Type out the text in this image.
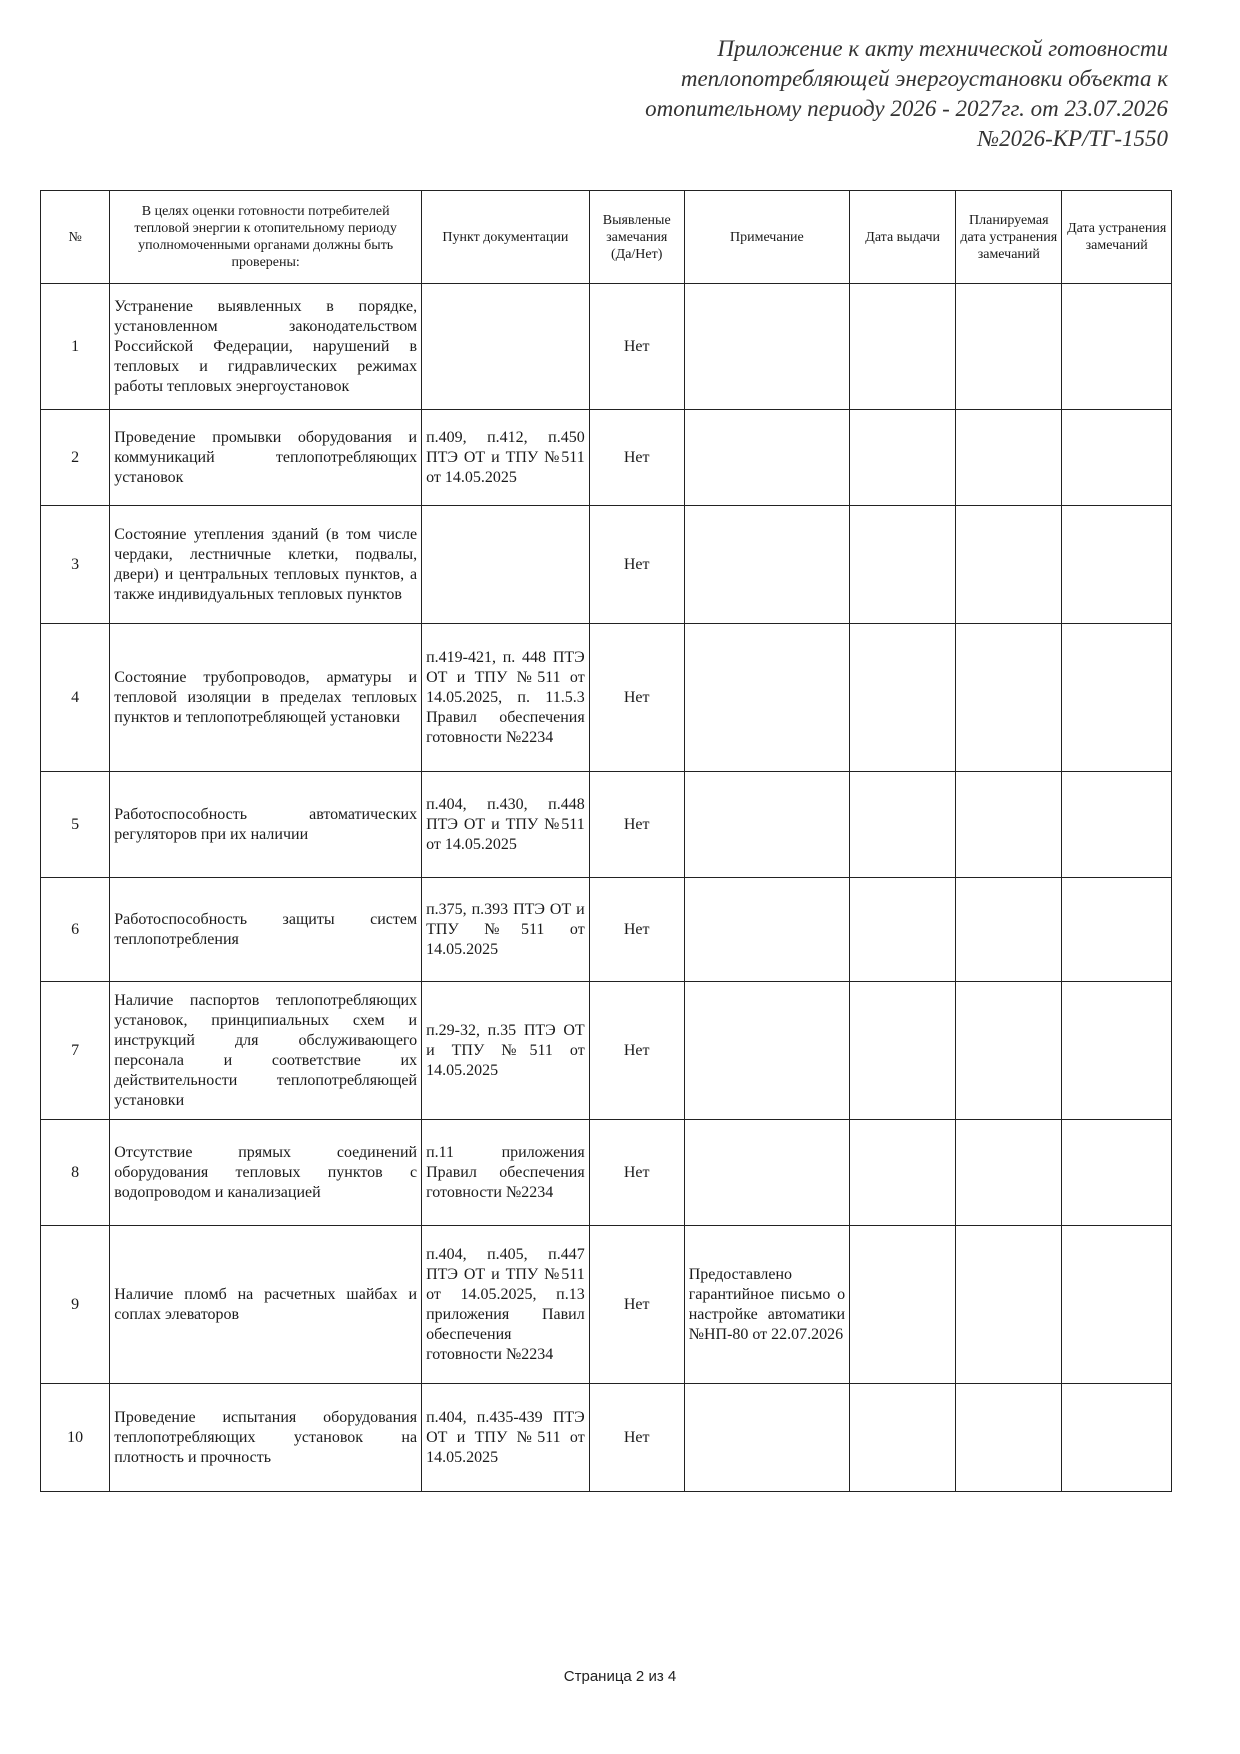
Приложение к акту технической готовности
теплопотребляющей энергоустановки объекта к
отопительному периоду 2026 - 2027гг. от 23.07.2026
№2026-КР/ТГ-1550
№	В целях оценки готовности потребителей тепловой энергии к отопительному периоду уполномоченными органами должны быть проверены:	Пункт документации	Выявленые замечания (Да/Нет)	Примечание	Дата выдачи	Планируемая дата устранения замечаний	Дата устранения замечаний
1	Устранение выявленных в порядке, установленном законодательством Российской Федерации, нарушений в тепловых и гидравлических режимах работы тепловых энергоустановок		Нет				
2	Проведение промывки оборудования и коммуникаций теплопотребляющих установок	п.409, п.412, п.450 ПТЭ ОТ и ТПУ №511 от 14.05.2025	Нет				
3	Состояние утепления зданий (в том числе чердаки, лестничные клетки, подвалы, двери) и центральных тепловых пунктов, а также индивидуальных тепловых пунктов		Нет				
4	Состояние трубопроводов, арматуры и тепловой изоляции в пределах тепловых пунктов и теплопотребляющей установки	п.419-421, п. 448 ПТЭ ОТ и ТПУ №511 от 14.05.2025, п. 11.5.3 Правил обеспечения готовности №2234	Нет				
5	Работоспособность автоматических регуляторов при их наличии	п.404, п.430, п.448 ПТЭ ОТ и ТПУ №511 от 14.05.2025	Нет				
6	Работоспособность защиты систем теплопотребления	п.375, п.393 ПТЭ ОТ и ТПУ №511 от 14.05.2025	Нет				
7	Наличие паспортов теплопотребляющих установок, принципиальных схем и инструкций для обслуживающего персонала и соответствие их действительности теплопотребляющей установки	п.29-32, п.35 ПТЭ ОТ и ТПУ №511 от 14.05.2025	Нет				
8	Отсутствие прямых соединений оборудования тепловых пунктов с водопроводом и канализацией	п.11 приложения Правил обеспечения готовности №2234	Нет				
9	Наличие пломб на расчетных шайбах и соплах элеваторов	п.404, п.405, п.447 ПТЭ ОТ и ТПУ №511 от 14.05.2025, п.13 приложения Павил обеспечения готовности №2234	Нет	Предоставлено гарантийное письмо о настройке автоматики №НП-80 от 22.07.2026			
10	Проведение испытания оборудования теплопотребляющих установок на плотность и прочность	п.404, п.435-439 ПТЭ ОТ и ТПУ №511 от 14.05.2025	Нет				
Страница 2 из 4
